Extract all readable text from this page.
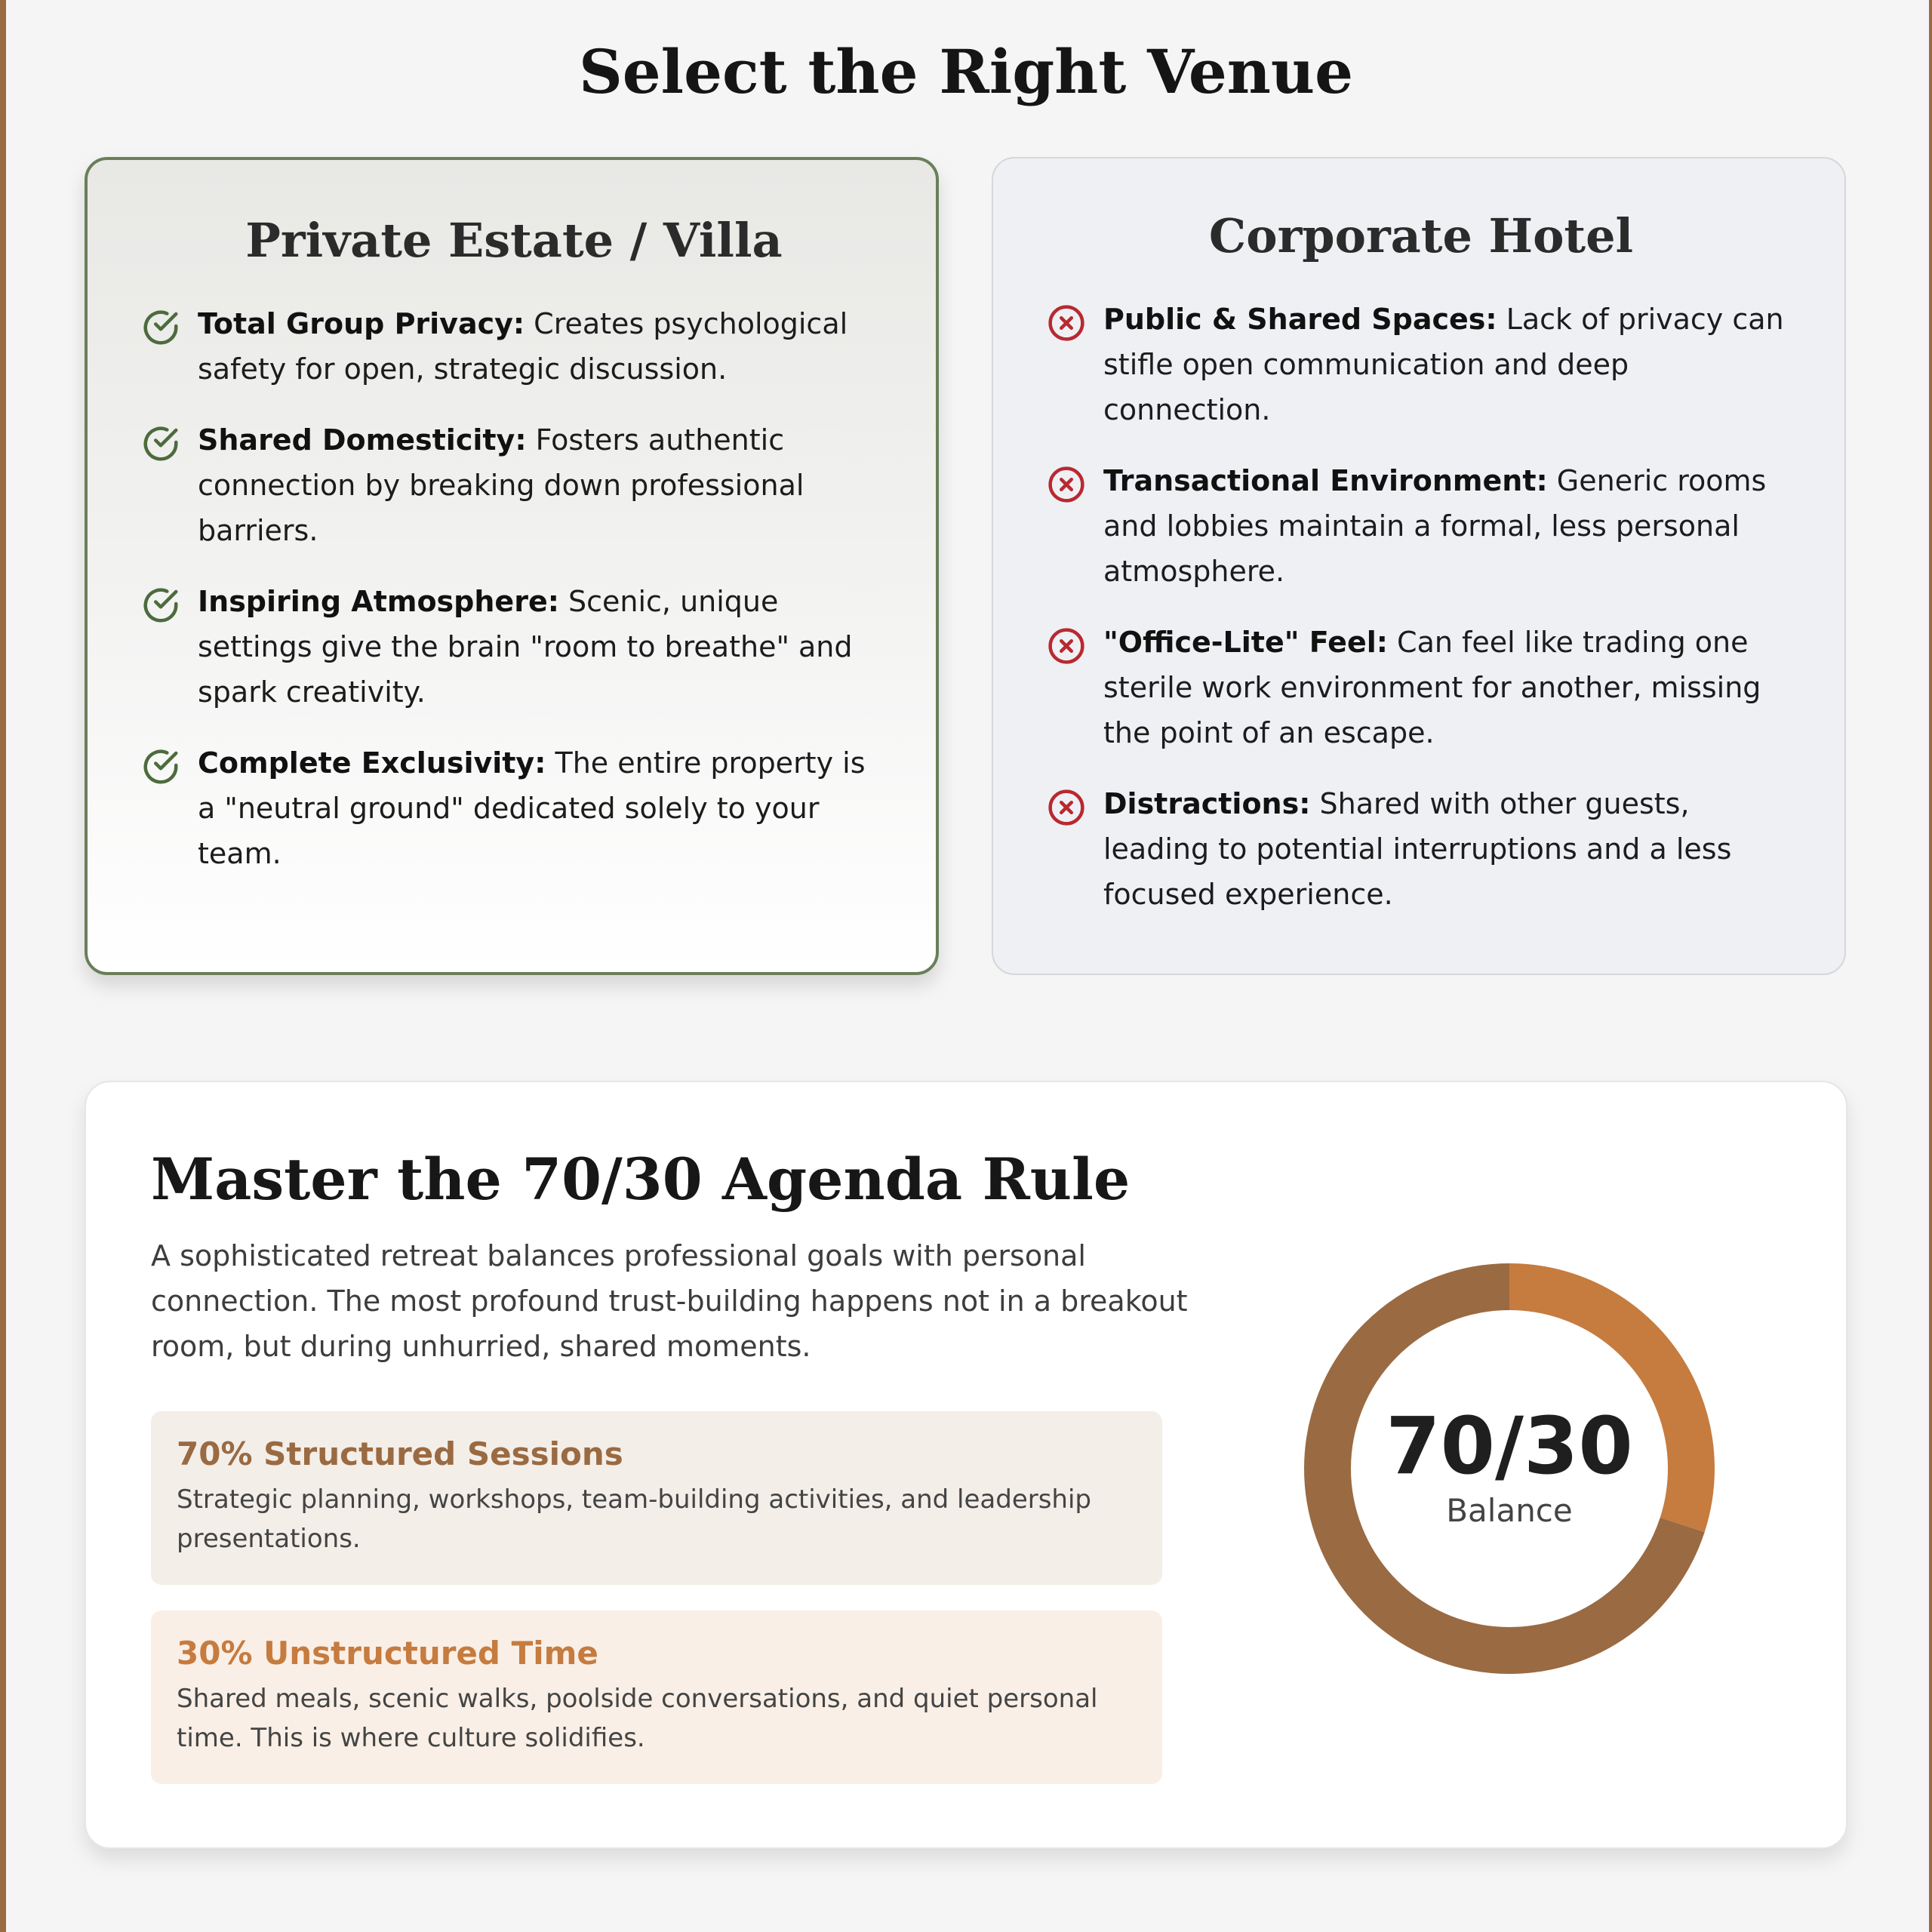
Select the Right Venue
Private Estate / Villa
Total Group Privacy: Creates psychological safety for open, strategic discussion.
Shared Domesticity: Fosters authentic connection by breaking down professional barriers.
Inspiring Atmosphere: Scenic, unique settings give the brain "room to breathe" and spark creativity.
Complete Exclusivity: The entire property is a "neutral ground" dedicated solely to your team.
Corporate Hotel
Public & Shared Spaces: Lack of privacy can stifle open communication and deep connection.
Transactional Environment: Generic rooms and lobbies maintain a formal, less personal atmosphere.
"Office-Lite" Feel: Can feel like trading one sterile work environment for another, missing the point of an escape.
Distractions: Shared with other guests, leading to potential interruptions and a less focused experience.
Master the 70/30 Agenda Rule

A sophisticated retreat balances professional goals with personal connection. The most profound trust-building happens not in a breakout room, but during unhurried, shared moments.

70% Structured Sessions

Strategic planning, workshops, team-building activities, and leadership presentations.

30% Unstructured Time

Shared meals, scenic walks, poolside conversations, and quiet personal time. This is where culture solidifies.

70/30
Balance
